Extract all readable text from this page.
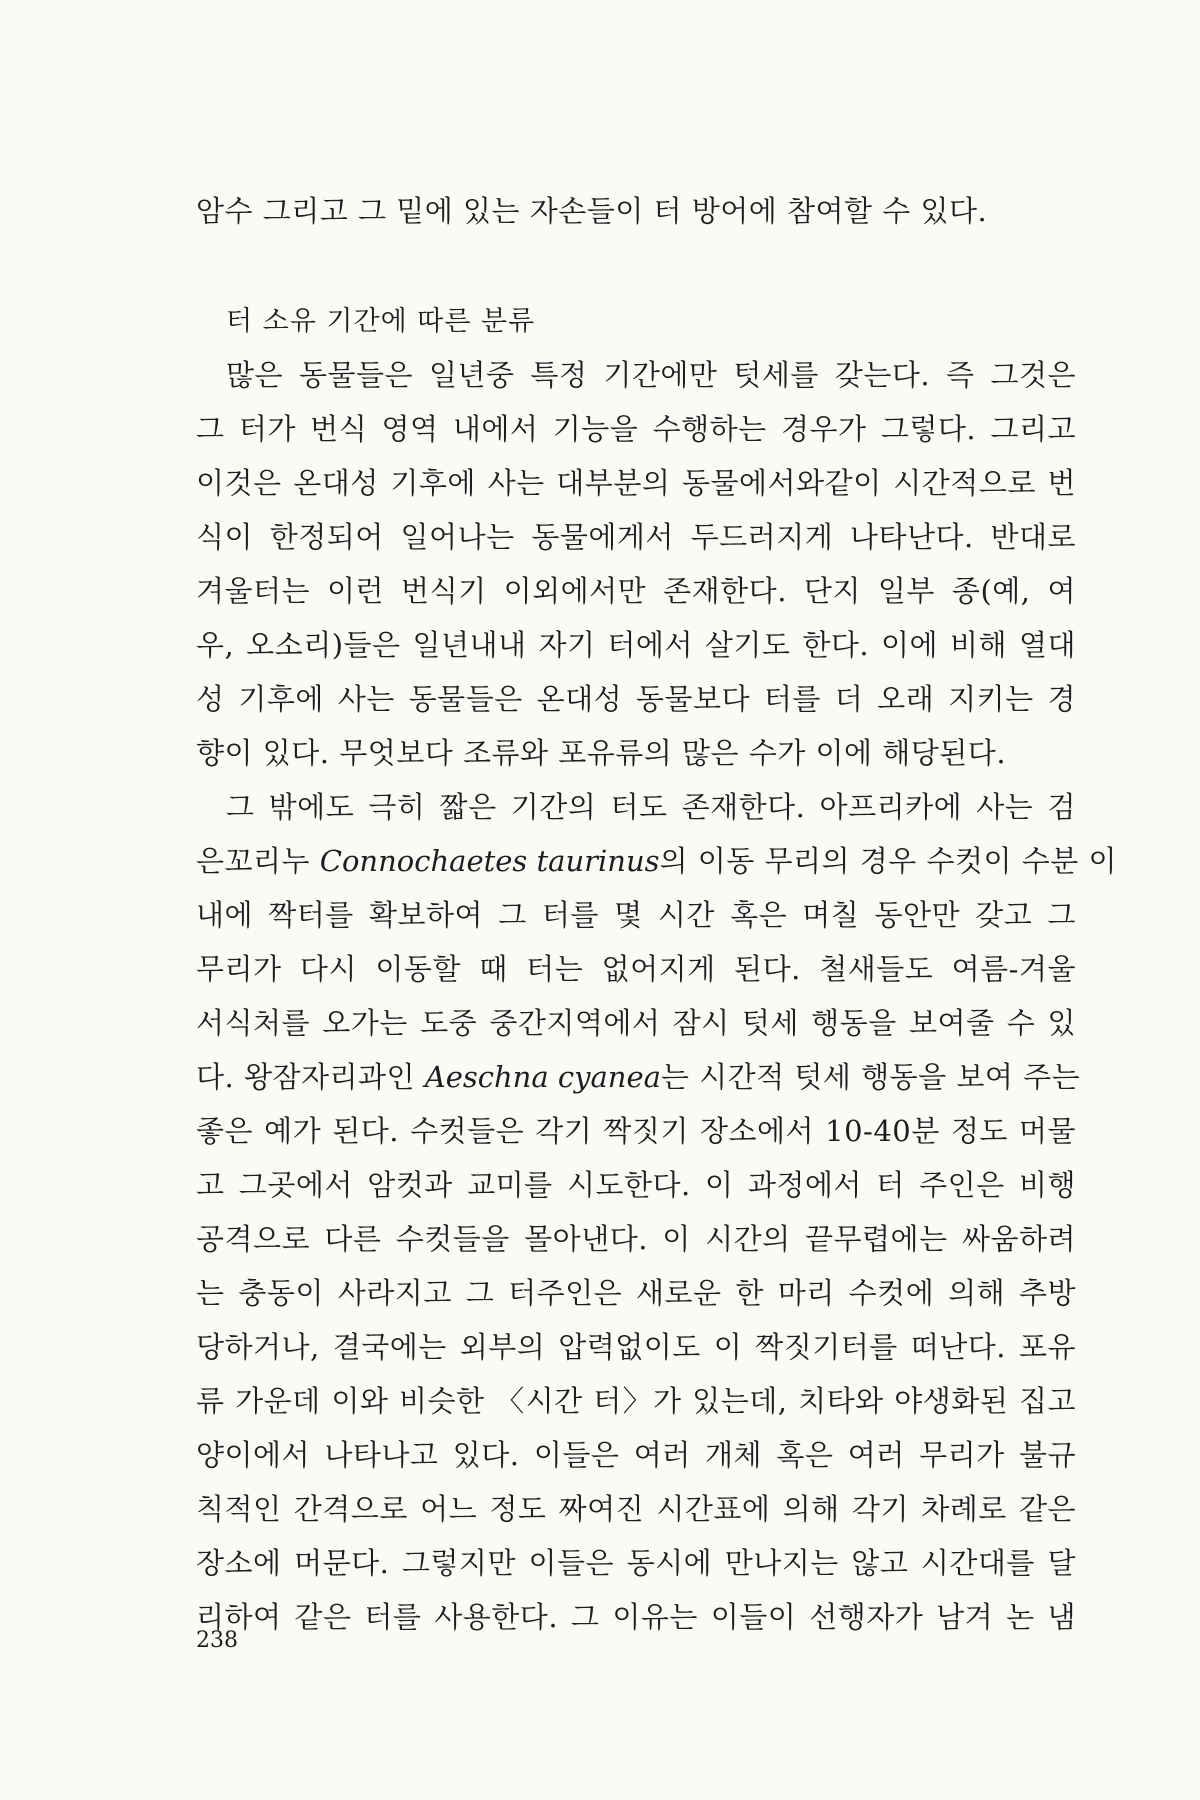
암수 그리고 그 밑에 있는 자손들이 터 방어에 참여할 수 있다.
터 소유 기간에 따른 분류
많은 동물들은 일년중 특정 기간에만 텃세를 갖는다. 즉 그것은
그 터가 번식 영역 내에서 기능을 수행하는 경우가 그렇다. 그리고
이것은 온대성 기후에 사는 대부분의 동물에서와같이 시간적으로 번
식이 한정되어 일어나는 동물에게서 두드러지게 나타난다. 반대로
겨울터는 이런 번식기 이외에서만 존재한다. 단지 일부 종(예, 여
우, 오소리)들은 일년내내 자기 터에서 살기도 한다. 이에 비해 열대
성 기후에 사는 동물들은 온대성 동물보다 터를 더 오래 지키는 경
향이 있다. 무엇보다 조류와 포유류의 많은 수가 이에 해당된다.
그 밖에도 극히 짧은 기간의 터도 존재한다. 아프리카에 사는 검
은꼬리누 Connochaetes taurinus의 이동 무리의 경우 수컷이 수분 이
내에 짝터를 확보하여 그 터를 몇 시간 혹은 며칠 동안만 갖고 그
무리가 다시 이동할 때 터는 없어지게 된다. 철새들도 여름-겨울
서식처를 오가는 도중 중간지역에서 잠시 텃세 행동을 보여줄 수 있
다. 왕잠자리과인 Aeschna cyanea는 시간적 텃세 행동을 보여 주는
좋은 예가 된다. 수컷들은 각기 짝짓기 장소에서 10-40분 정도 머물
고 그곳에서 암컷과 교미를 시도한다. 이 과정에서 터 주인은 비행
공격으로 다른 수컷들을 몰아낸다. 이 시간의 끝무렵에는 싸움하려
는 충동이 사라지고 그 터주인은 새로운 한 마리 수컷에 의해 추방
당하거나, 결국에는 외부의 압력없이도 이 짝짓기터를 떠난다. 포유
류 가운데 이와 비슷한 〈시간 터〉가 있는데, 치타와 야생화된 집고
양이에서 나타나고 있다. 이들은 여러 개체 혹은 여러 무리가 불규
칙적인 간격으로 어느 정도 짜여진 시간표에 의해 각기 차례로 같은
장소에 머문다. 그렇지만 이들은 동시에 만나지는 않고 시간대를 달
리하여 같은 터를 사용한다. 그 이유는 이들이 선행자가 남겨 논 냄
238
